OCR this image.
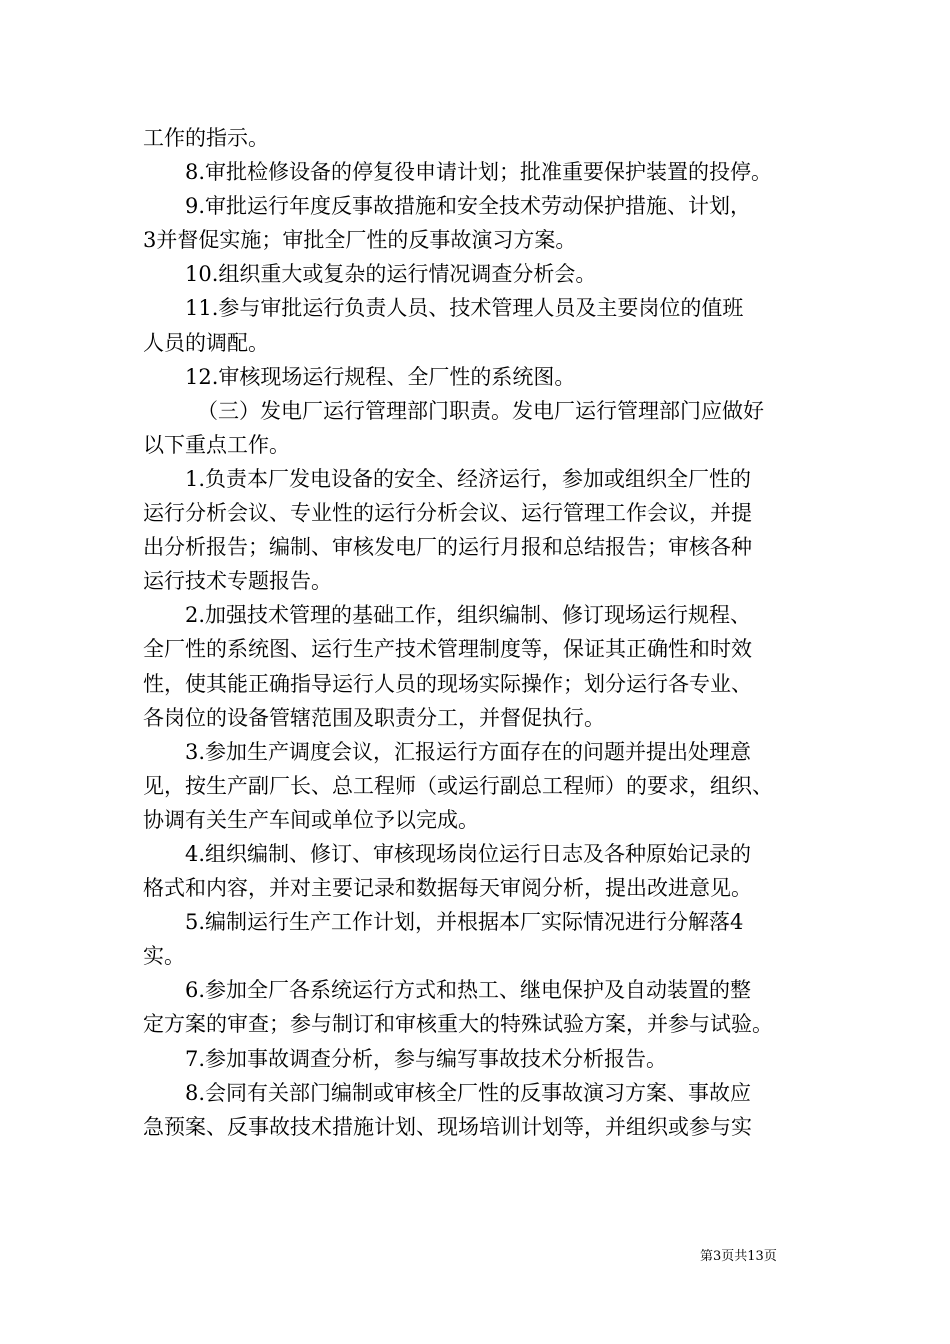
工作的指示。
8.审批检修设备的停复役申请计划；批准重要保护装置的投停。
9.审批运行年度反事故措施和安全技术劳动保护措施、计划，
3并督促实施；审批全厂性的反事故演习方案。
10.组织重大或复杂的运行情况调查分析会。
11.参与审批运行负责人员、技术管理人员及主要岗位的值班
人员的调配。
12.审核现场运行规程、全厂性的系统图。
（三）发电厂运行管理部门职责。发电厂运行管理部门应做好
以下重点工作。
1.负责本厂发电设备的安全、经济运行，参加或组织全厂性的
运行分析会议、专业性的运行分析会议、运行管理工作会议，并提
出分析报告；编制、审核发电厂的运行月报和总结报告；审核各种
运行技术专题报告。
2.加强技术管理的基础工作，组织编制、修订现场运行规程、
全厂性的系统图、运行生产技术管理制度等，保证其正确性和时效
性，使其能正确指导运行人员的现场实际操作；划分运行各专业、
各岗位的设备管辖范围及职责分工，并督促执行。
3.参加生产调度会议，汇报运行方面存在的问题并提出处理意
见，按生产副厂长、总工程师（或运行副总工程师）的要求，组织、
协调有关生产车间或单位予以完成。
4.组织编制、修订、审核现场岗位运行日志及各种原始记录的
格式和内容，并对主要记录和数据每天审阅分析，提出改进意见。
5.编制运行生产工作计划，并根据本厂实际情况进行分解落4
实。
6.参加全厂各系统运行方式和热工、继电保护及自动装置的整
定方案的审查；参与制订和审核重大的特殊试验方案，并参与试验。
7.参加事故调查分析，参与编写事故技术分析报告。
8.会同有关部门编制或审核全厂性的反事故演习方案、事故应
急预案、反事故技术措施计划、现场培训计划等，并组织或参与实
第3页共13页
